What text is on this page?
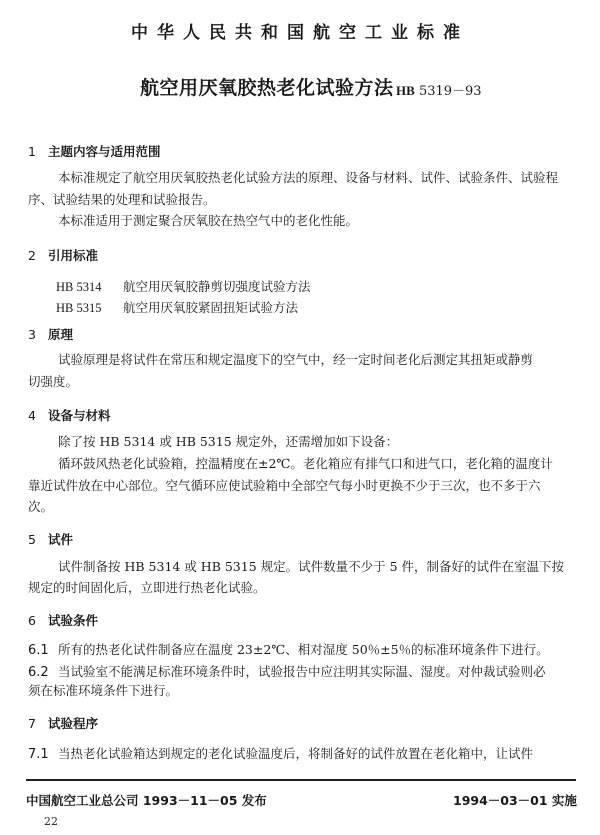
中华人民共和国航空工业标准
航空用厌氧胶热老化试验方法 HB 5319－93
1 主题内容与适用范围
本标准规定了航空用厌氧胶热老化试验方法的原理、设备与材料、试件、试验条件、试验程
序、试验结果的处理和试验报告。
本标准适用于测定聚合厌氧胶在热空气中的老化性能。
2 引用标准
HB 5314 航空用厌氧胶静剪切强度试验方法
HB 5315 航空用厌氧胶紧固扭矩试验方法
3 原理
试验原理是将试件在常压和规定温度下的空气中，经一定时间老化后测定其扭矩或静剪
切强度。
4 设备与材料
除了按 HB 5314 或 HB 5315 规定外，还需增加如下设备：
循环鼓风热老化试验箱，控温精度在±2℃。老化箱应有排气口和进气口，老化箱的温度计
靠近试件放在中心部位。空气循环应使试验箱中全部空气每小时更换不少于三次，也不多于六
次。
5 试件
试件制备按 HB 5314 或 HB 5315 规定。试件数量不少于 5 件，制备好的试件在室温下按
规定的时间固化后，立即进行热老化试验。
6 试验条件
6.1 所有的热老化试件制备应在温度 23±2℃、相对湿度 50％±5％的标准环境条件下进行。
6.2 当试验室不能满足标准环境条件时，试验报告中应注明其实际温、湿度。对仲裁试验则必
须在标准环境条件下进行。
7 试验程序
7.1 当热老化试验箱达到规定的老化试验温度后，将制备好的试件放置在老化箱中，让试件
中国航空工业总公司 1993－11－05 发布	1994－03－01 实施
22
